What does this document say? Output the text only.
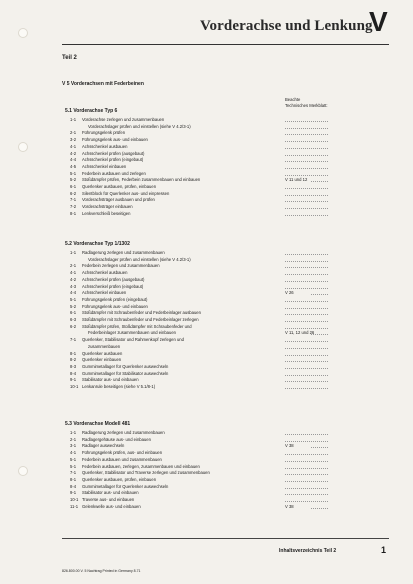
Vorderachse und Lenkung
V
Teil 2
V 5 Vorderachsen mit Federbeinen
Beachte
Technisches Merkblatt:
5.1 Vorderachse Typ 6
1-1 Vorderachse zerlegen und zusammenbauen
Vorderachslager prüfen und einstellen (siehe V 4.2/3-1)
2-1 Führungsgelenk prüfen
3-2 Führungsgelenk aus- und einbauen
4-1 Achsschenkel ausbauen
4-2 Achsschenkel prüfen (ausgebaut)
4-4 Achsschenkel prüfen (eingebaut)
4-5 Achsschenkel einbauen
5-1 Federbein ausbauen und zerlegen
5-2 Stoßdämpfer prüfen, Federbein zusammenbauen und einbauen	V 11 und 12
6-1 Querlenker ausbauen, prüfen, einbauen
6-2 Silentblock für Querlenker aus- und einpressen
7-1 Vorderachsträger ausbauen und prüfen
7-2 Vorderachsträger einbauen
8-1 Lenkverschleiß beseitigen
5.2 Vorderachse Typ 1/1302
1-1 Radlagerung zerlegen und zusammenbauen
Vorderachslager prüfen und einstellen (siehe V 4.2/3-1)
2-1 Federbein zerlegen und zusammenbauen
4-1 Achsschenkel ausbauen
4-2 Achsschenkel prüfen (ausgebaut)
4-3 Achsschenkel prüfen (eingebaut)
4-4 Achsschenkel einbauen	V 26
5-1 Führungsgelenk prüfen (eingebaut)
5-2 Führungsgelenk aus- und einbauen
6-1 Stoßdämpfer mit Schraubenfeder und Federbeinlager ausbauen
6-3 Stoßdämpfer mit Schraubenfeder und Federbeinlager zerlegen
6-2 Stoßdämpfer prüfen, Stoßdämpfer mit Schraubenfeder und
Federbeinlager zusammenbauen und einbauen	V 11, 12 und 26
7-1 Querlenker, Stabilisator und Rahmenkopf zerlegen und
zusammenbauen
8-1 Querlenker ausbauen
8-2 Querlenker einbauen
8-3 Gummimetallager für Querlenker auswechseln
8-4 Gummimetallager für Stabilisator auswechseln
9-1 Stabilisator aus- und einbauen
10-1 Lenkanrule beseitigen (siehe V 5.1/8-1)
5.3 Vorderachse Modell 481
1-1 Radlagerung zerlegen und zusammenbauen
2-1 Radlagergehäuse aus- und einbauen
3-1 Radlager auswechseln	V 38
4-1 Führungsgelenk prüfen, aus- und einbauen
5-1 Federbein ausbauen und zusammenbauen
5-1 Federbein ausbauen, zerlegen, zusammenbauen und einbauen
7-1 Querlenker, Stabilisator und Traverse zerlegen und zusammenbauen
8-1 Querlenker ausbauen, prüfen, einbauen
8-4 Gummimetallager für Querlenker auswechseln
9-1 Stabilisator aus- und einbauen
10-1 Traverse aus- und einbauen
11-1 Gelenkwelle aus- und einbauen	V 38
Inhaltsverzeichnis Teil 2	1
826.800.00 V. 5 Nachtrag Printed in Germany 8.71
